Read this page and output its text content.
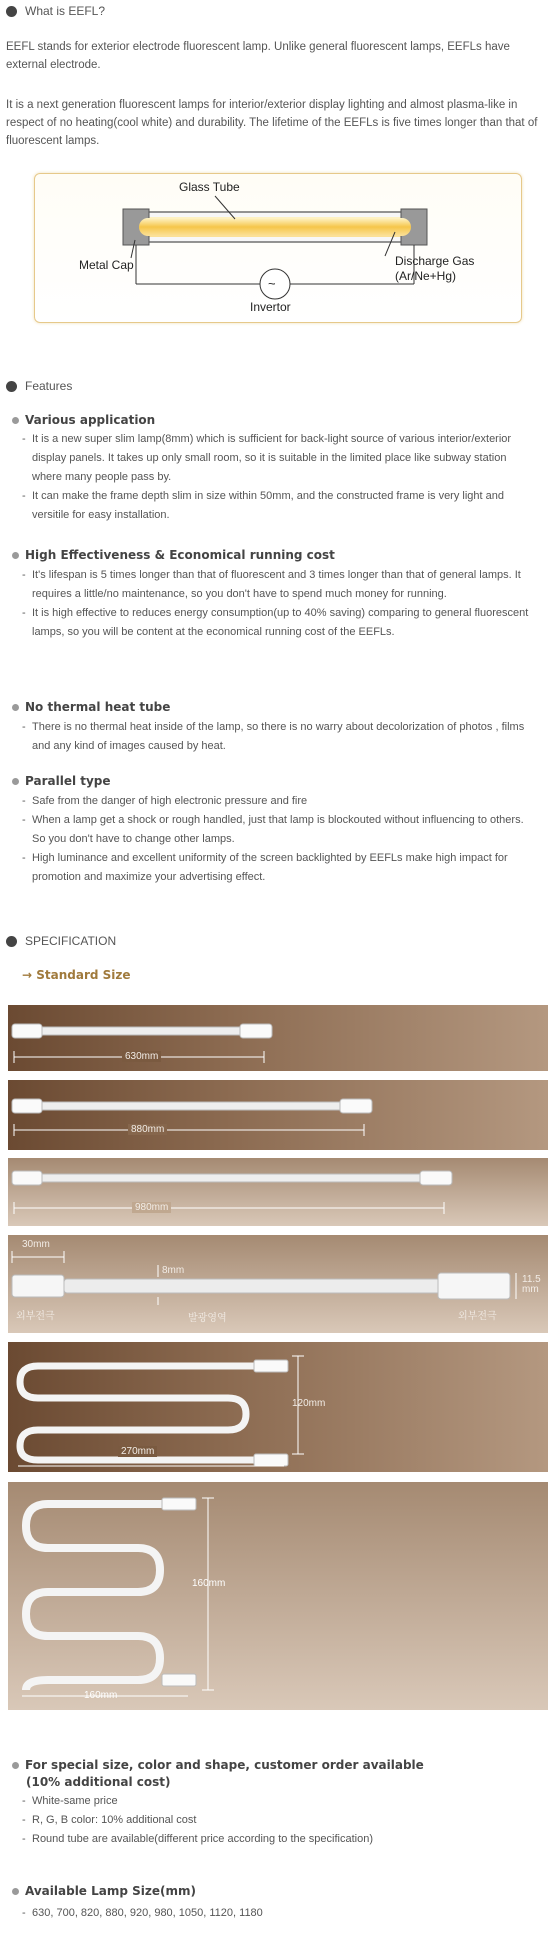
What is EEFL?
EEFL stands for exterior electrode fluorescent lamp. Unlike general fluorescent lamps, EEFLs have external electrode.
It is a next generation fluorescent lamps for interior/exterior display lighting and almost plasma-like in respect of no heating(cool white) and durability. The lifetime of the EEFLs is five times longer than that of fluorescent lamps.
Glass Tube
Metal Cap	Discharge Gas
(Ar/Ne+Hg)
~
Invertor
Features
Various application
- It is a new super slim lamp(8mm) which is sufficient for back-light source of various interior/exterior display panels. It takes up only small room, so it is suitable in the limited place like subway station where many people pass by.
- It can make the frame depth slim in size within 50mm, and the constructed frame is very light and versitile for easy installation.
High Effectiveness & Economical running cost
- It's lifespan is 5 times longer than that of fluorescent and 3 times longer than that of general lamps. It requires a little/no maintenance, so you don't have to spend much money for running.
- It is high effective to reduces energy consumption(up to 40% saving) comparing to general fluorescent lamps, so you will be content at the economical running cost of the EEFLs.
No thermal heat tube
- There is no thermal heat inside of the lamp, so there is no warry about decolorization of photos , films and any kind of images caused by heat.
Parallel type
- Safe from the danger of high electronic pressure and fire
- When a lamp get a shock or rough handled, just that lamp is blockouted without influencing to others. So you don't have to change other lamps.
- High luminance and excellent uniformity of the screen backlighted by EEFLs make high impact for promotion and maximize your advertising effect.
SPECIFICATION
→ Standard Size
630mm
880mm
980mm
30mm
8mm
11.5 mm
외부전극	발광영역	외부전극
120mm
270mm
160mm
160mm
For special size, color and shape, customer order available
(10% additional cost)
- White-same price
- R, G, B color: 10% additional cost
- Round tube are available(different price according to the specification)
Available Lamp Size(mm)
- 630, 700, 820, 880, 920, 980, 1050, 1120, 1180
